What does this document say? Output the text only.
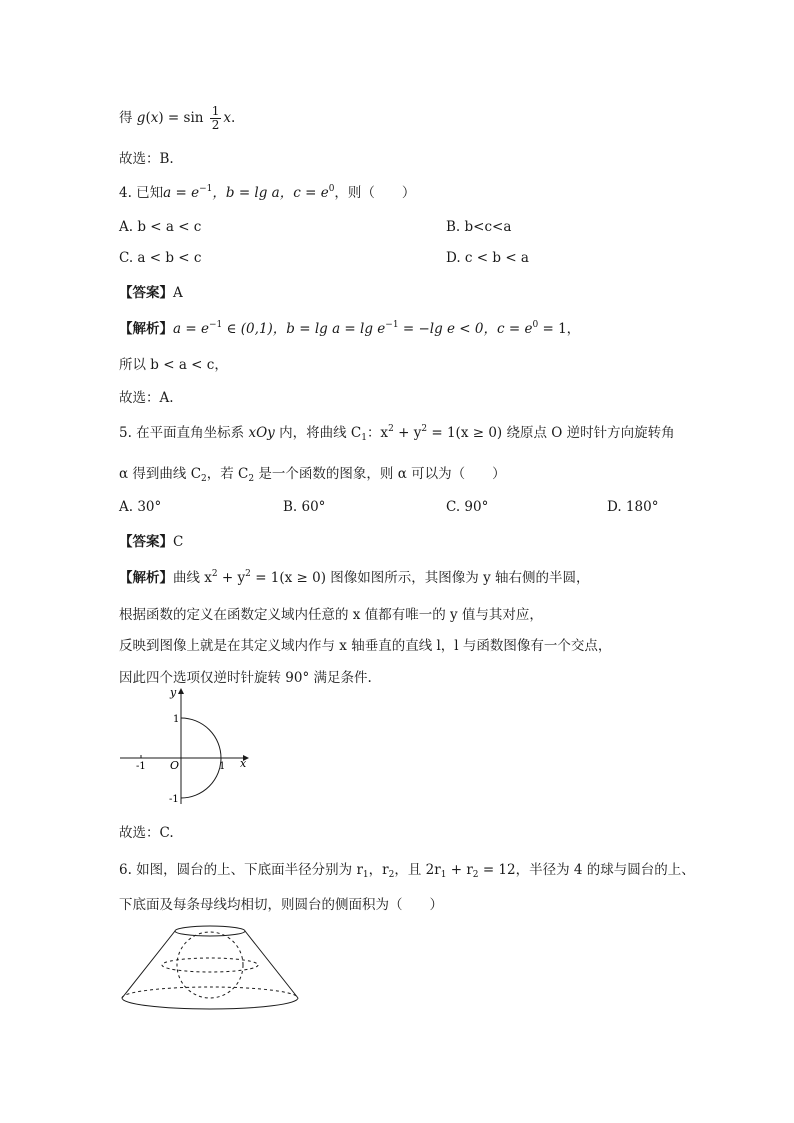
得 $g(x) = \sin \frac{1}{2} x$.
故选：B.
4. 已知$a = e^{-1}$，b = lg a，$c = e^0$，则（　　）
A. b < a < c	B. b<c<a
C. a < b < c	D. c < b < a
【答案】A
【解析】$a = e^{-1}$ ∈ (0,1)，$b = \lg a = \lg e^{-1} = -\lg$ e < 0，$c = e^0 = 1$，
所以 b < a < c，
故选：A.
5. 在平面直角坐标系 xOy 内，将曲线 $C_1$：$x^2 + y^2 = 1(x \ge 0)$ 绕原点 O 逆时针方向旋转角
α 得到曲线 $C_2$，若 $C_2$ 是一个函数的图象，则 α 可以为（　　）
A. 30°	B. 60°	C. 90°	D. 180°
【答案】C
【解析】曲线 $x^2 + y^2 = 1(x \ge 0)$ 图像如图所示，其图像为 y 轴右侧的半圆，
根据函数的定义在函数定义域内任意的 x 值都有唯一的 y 值与其对应，
反映到图像上就是在其定义域内作与 x 轴垂直的直线 l，l 与函数图像有一个交点，
因此四个选项仅逆时针旋转 90° 满足条件.
y
x
O
1
-1
1
-1
故选：C.
6. 如图，圆台的上、下底面半径分别为 $r_1$，$r_2$，且 $2r_1 + r_2 = 12$，半径为 4 的球与圆台的上、
下底面及每条母线均相切，则圆台的侧面积为（　　）
